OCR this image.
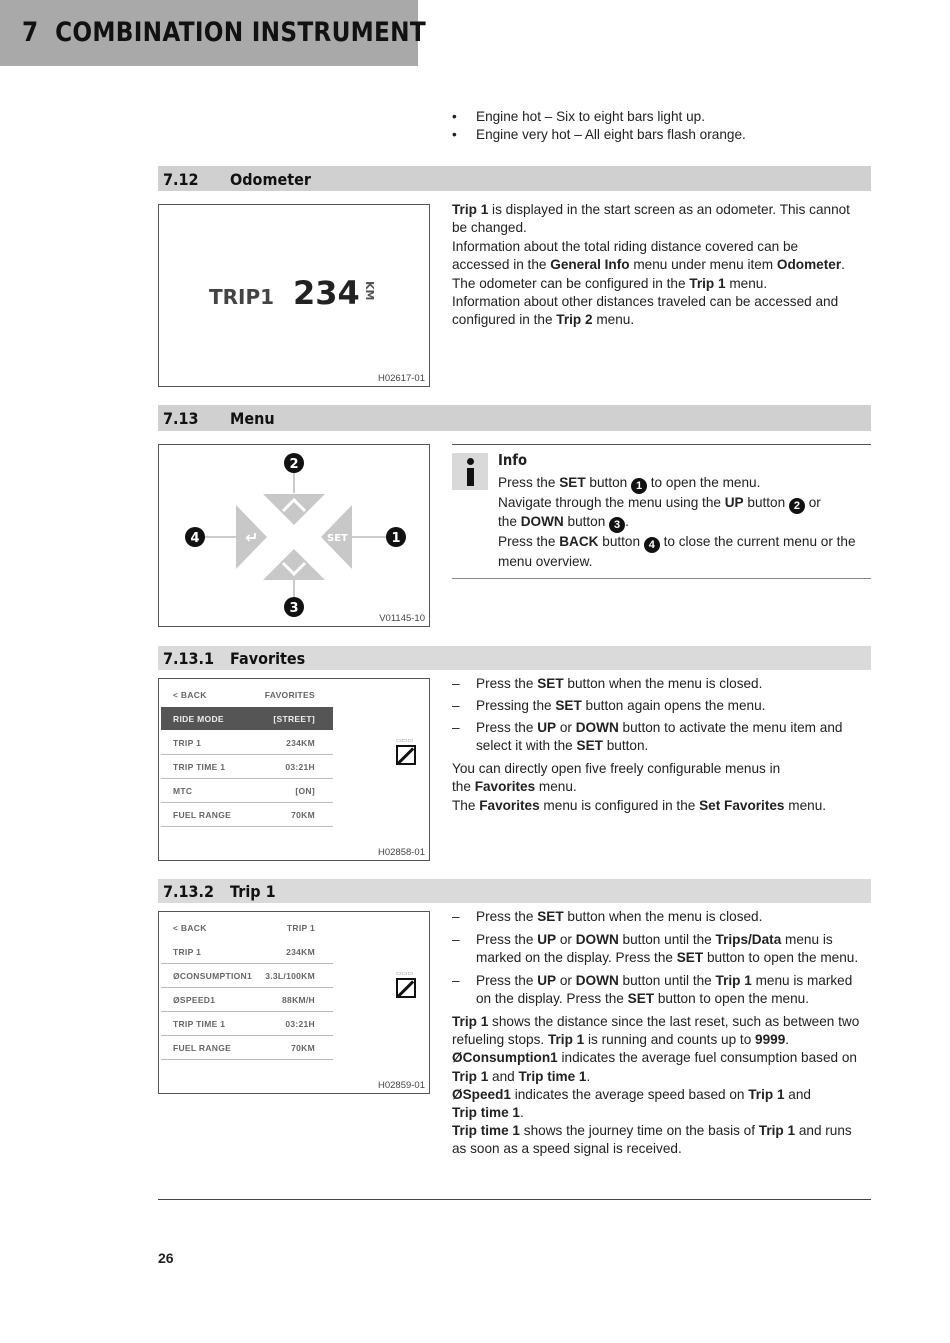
7 COMBINATION INSTRUMENT
• Engine hot – Six to eight bars light up.
• Engine very hot – All eight bars flash orange.
7.12 Odometer
TRIP1 234 KM
H02617-01
Trip 1 is displayed in the start screen as an odometer. This cannot
be changed.
Information about the total riding distance covered can be
accessed in the General Info menu under menu item Odometer.
The odometer can be configured in the Trip 1 menu.
Information about other distances traveled can be accessed and
configured in the Trip 2 menu.
7.13 Menu
↵	SET
2
3
4	1
V01145-10
Info
Press the SET button 1 to open the menu.
Navigate through the menu using the UP button 2 or
the DOWN button 3 .
Press the BACK button 4 to close the current menu or the
menu overview.
7.13.1 Favorites
< BACK	FAVORITES
RIDE MODE	[STREET]
TRIP 1	234KM
TRIP TIME 1	03:21H
MTC	[ON]
FUEL RANGE	70KM
▭▭▭
H02858-01
– Press the SET button when the menu is closed.
– Pressing the SET button again opens the menu.
– Press the UP or DOWN button to activate the menu item and
select it with the SET button.
You can directly open five freely configurable menus in
the Favorites menu.
The Favorites menu is configured in the Set Favorites menu.
7.13.2 Trip 1
< BACK	TRIP 1
TRIP 1	234KM
ØCONSUMPTION1 3.3L/100KM
ØSPEED1	88KM/H
TRIP TIME 1	03:21H
FUEL RANGE	70KM
▭▭▭
H02859-01
– Press the SET button when the menu is closed.
– Press the UP or DOWN button until the Trips/Data menu is
marked on the display. Press the SET button to open the menu.
– Press the UP or DOWN button until the Trip 1 menu is marked
on the display. Press the SET button to open the menu.
Trip 1 shows the distance since the last reset, such as between two
refueling stops. Trip 1 is running and counts up to 9999.
ØConsumption1 indicates the average fuel consumption based on
Trip 1 and Trip time 1.
ØSpeed1 indicates the average speed based on Trip 1 and
Trip time 1.
Trip time 1 shows the journey time on the basis of Trip 1 and runs
as soon as a speed signal is received.
26
